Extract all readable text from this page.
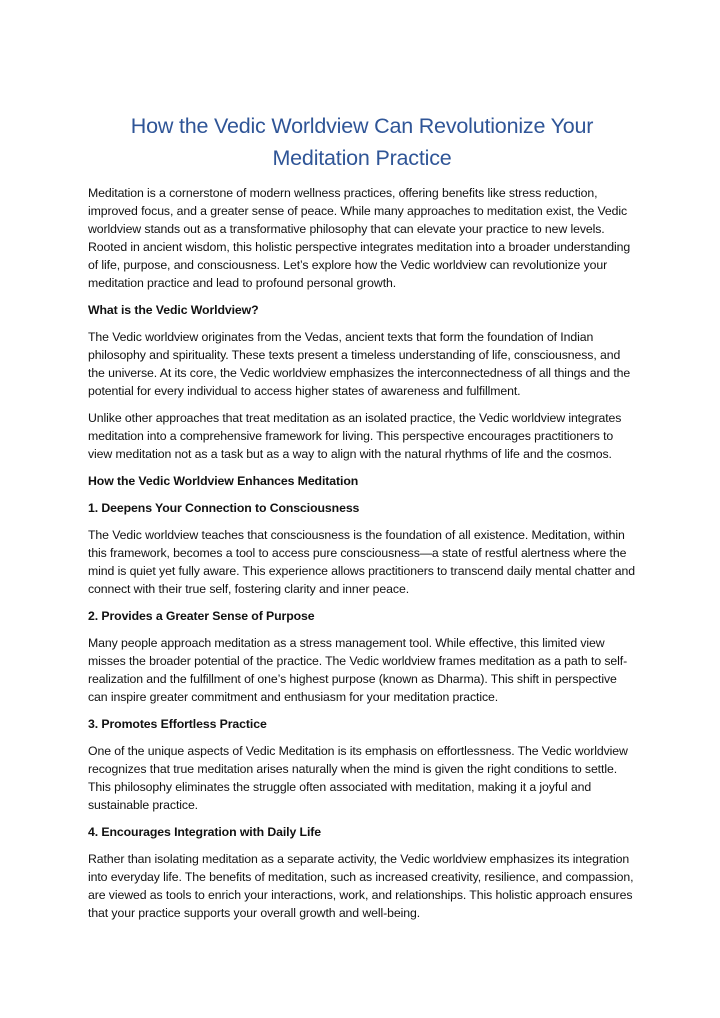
How the Vedic Worldview Can Revolutionize Your
Meditation Practice

Meditation is a cornerstone of modern wellness practices, offering benefits like stress reduction, improved focus, and a greater sense of peace. While many approaches to meditation exist, the Vedic worldview stands out as a transformative philosophy that can elevate your practice to new levels. Rooted in ancient wisdom, this holistic perspective integrates meditation into a broader understanding of life, purpose, and consciousness. Let’s explore how the Vedic worldview can revolutionize your meditation practice and lead to profound personal growth.

What is the Vedic Worldview?

The Vedic worldview originates from the Vedas, ancient texts that form the foundation of Indian philosophy and spirituality. These texts present a timeless understanding of life, consciousness, and the universe. At its core, the Vedic worldview emphasizes the interconnectedness of all things and the potential for every individual to access higher states of awareness and fulfillment.

Unlike other approaches that treat meditation as an isolated practice, the Vedic worldview integrates meditation into a comprehensive framework for living. This perspective encourages practitioners to view meditation not as a task but as a way to align with the natural rhythms of life and the cosmos.

How the Vedic Worldview Enhances Meditation

1. Deepens Your Connection to Consciousness

The Vedic worldview teaches that consciousness is the foundation of all existence. Meditation, within this framework, becomes a tool to access pure consciousness—a state of restful alertness where the mind is quiet yet fully aware. This experience allows practitioners to transcend daily mental chatter and connect with their true self, fostering clarity and inner peace.

2. Provides a Greater Sense of Purpose

Many people approach meditation as a stress management tool. While effective, this limited view misses the broader potential of the practice. The Vedic worldview frames meditation as a path to self-realization and the fulfillment of one’s highest purpose (known as Dharma). This shift in perspective can inspire greater commitment and enthusiasm for your meditation practice.

3. Promotes Effortless Practice

One of the unique aspects of Vedic Meditation is its emphasis on effortlessness. The Vedic worldview recognizes that true meditation arises naturally when the mind is given the right conditions to settle. This philosophy eliminates the struggle often associated with meditation, making it a joyful and sustainable practice.

4. Encourages Integration with Daily Life

Rather than isolating meditation as a separate activity, the Vedic worldview emphasizes its integration into everyday life. The benefits of meditation, such as increased creativity, resilience, and compassion, are viewed as tools to enrich your interactions, work, and relationships. This holistic approach ensures that your practice supports your overall growth and well-being.
